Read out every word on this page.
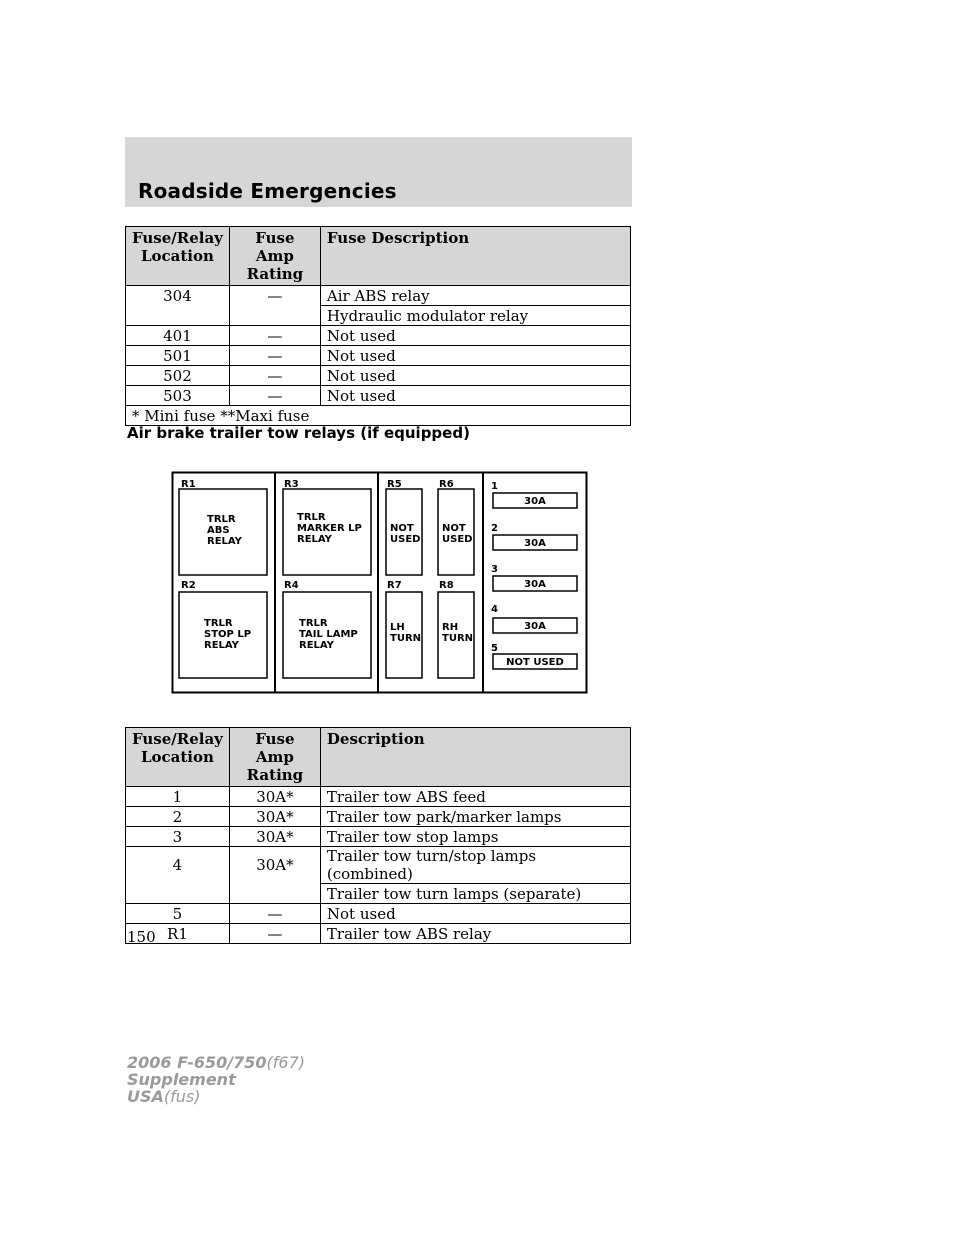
Roadside Emergencies
Fuse/Relay Location	Fuse Amp Rating	Fuse Description
304	—	Air ABS relay
		Hydraulic modulator relay
401	—	Not used
501	—	Not used
502	—	Not used
503	—	Not used
* Mini fuse **Maxi fuse		
Air brake trailer tow relays (if equipped)
R1
TRLR ABS RELAY
R2
TRLR STOP LP RELAY
R3
TRLR MARKER LP RELAY
R4
TRLR TAIL LAMP RELAY
R5
NOT USED
R6
NOT USED
R7
LH TURN
R8
RH TURN
1
30A
2
30A
3
30A
4
30A
5
NOT USED
Fuse/Relay Location	Fuse Amp Rating	Description
1	30A*	Trailer tow ABS feed
2	30A*	Trailer tow park/marker lamps
3	30A*	Trailer tow stop lamps
4	30A*	Trailer tow turn/stop lamps (combined)
		Trailer tow turn lamps (separate)
5	—	Not used
R1	—	Trailer tow ABS relay
150
2006 F-650/750(f67)
Supplement
USA(fus)
